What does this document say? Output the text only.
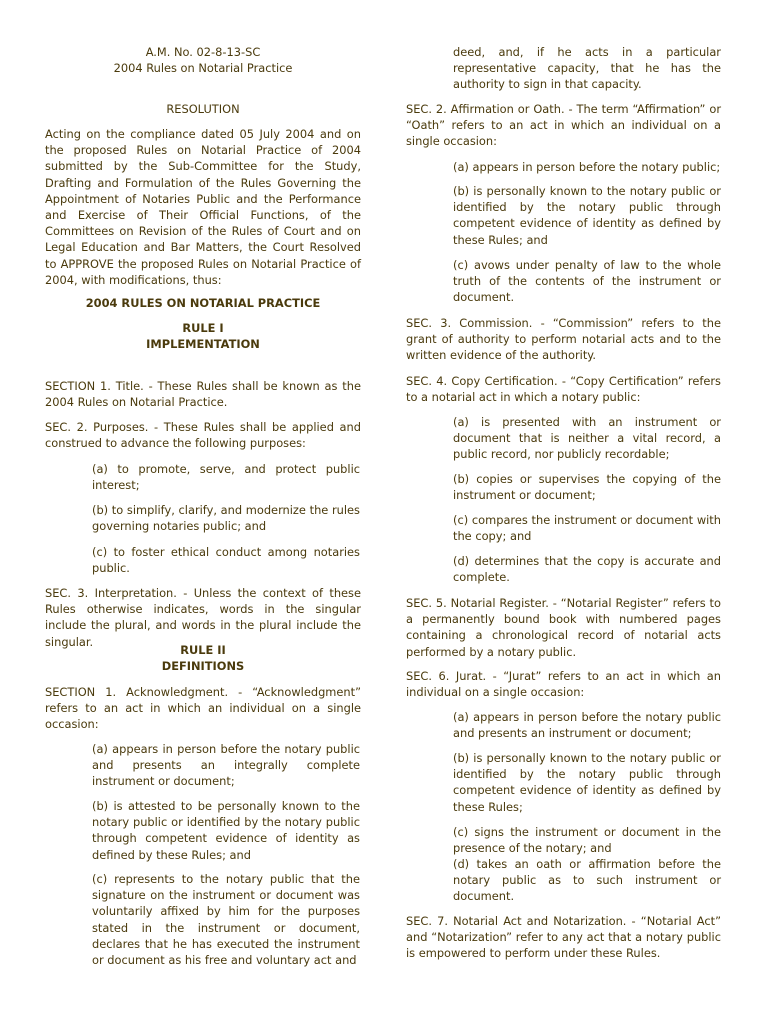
A.M. No. 02-8-13-SC

2004 Rules on Notarial Practice

RESOLUTION

Acting on the compliance dated 05 July 2004 and on the proposed Rules on Notarial Practice of 2004 submitted by the Sub-Committee for the Study, Drafting and Formulation of the Rules Governing the Appointment of Notaries Public and the Performance and Exercise of Their Official Functions, of the Committees on Revision of the Rules of Court and on Legal Education and Bar Matters, the Court Resolved to APPROVE the proposed Rules on Notarial Practice of 2004, with modifications, thus:

2004 RULES ON NOTARIAL PRACTICE

RULE I

IMPLEMENTATION

SECTION 1. Title. - These Rules shall be known as the 2004 Rules on Notarial Practice.

SEC. 2. Purposes. - These Rules shall be applied and construed to advance the following purposes:

(a) to promote, serve, and protect public interest;

(b) to simplify, clarify, and modernize the rules governing notaries public; and

(c) to foster ethical conduct among notaries public.

SEC. 3. Interpretation. - Unless the context of these Rules otherwise indicates, words in the singular include the plural, and words in the plural include the singular.

RULE II

DEFINITIONS

SECTION 1. Acknowledgment. - “Acknowledgment” refers to an act in which an individual on a single occasion:

(a) appears in person before the notary public and presents an integrally complete instrument or document;

(b) is attested to be personally known to the notary public or identified by the notary public through competent evidence of identity as defined by these Rules; and

(c) represents to the notary public that the signature on the instrument or document was voluntarily affixed by him for the purposes stated in the instrument or document, declares that he has executed the instrument or document as his free and voluntary act and

deed, and, if he acts in a particular representative capacity, that he has the authority to sign in that capacity.

SEC. 2. Affirmation or Oath. - The term “Affirmation” or “Oath” refers to an act in which an individual on a single occasion:

(a) appears in person before the notary public;

(b) is personally known to the notary public or identified by the notary public through competent evidence of identity as defined by these Rules; and

(c) avows under penalty of law to the whole truth of the contents of the instrument or document.

SEC. 3. Commission. - “Commission” refers to the grant of authority to perform notarial acts and to the written evidence of the authority.

SEC. 4. Copy Certification. - “Copy Certification” refers to a notarial act in which a notary public:

(a) is presented with an instrument or document that is neither a vital record, a public record, nor publicly recordable;

(b) copies or supervises the copying of the instrument or document;

(c) compares the instrument or document with the copy; and

(d) determines that the copy is accurate and complete.

SEC. 5. Notarial Register. - “Notarial Register” refers to a permanently bound book with numbered pages containing a chronological record of notarial acts performed by a notary public.

SEC. 6. Jurat. - “Jurat” refers to an act in which an individual on a single occasion:

(a) appears in person before the notary public and presents an instrument or document;

(b) is personally known to the notary public or identified by the notary public through competent evidence of identity as defined by these Rules;

(c) signs the instrument or document in the presence of the notary; and

(d) takes an oath or affirmation before the notary public as to such instrument or document.

SEC. 7. Notarial Act and Notarization. - “Notarial Act” and “Notarization” refer to any act that a notary public is empowered to perform under these Rules.
